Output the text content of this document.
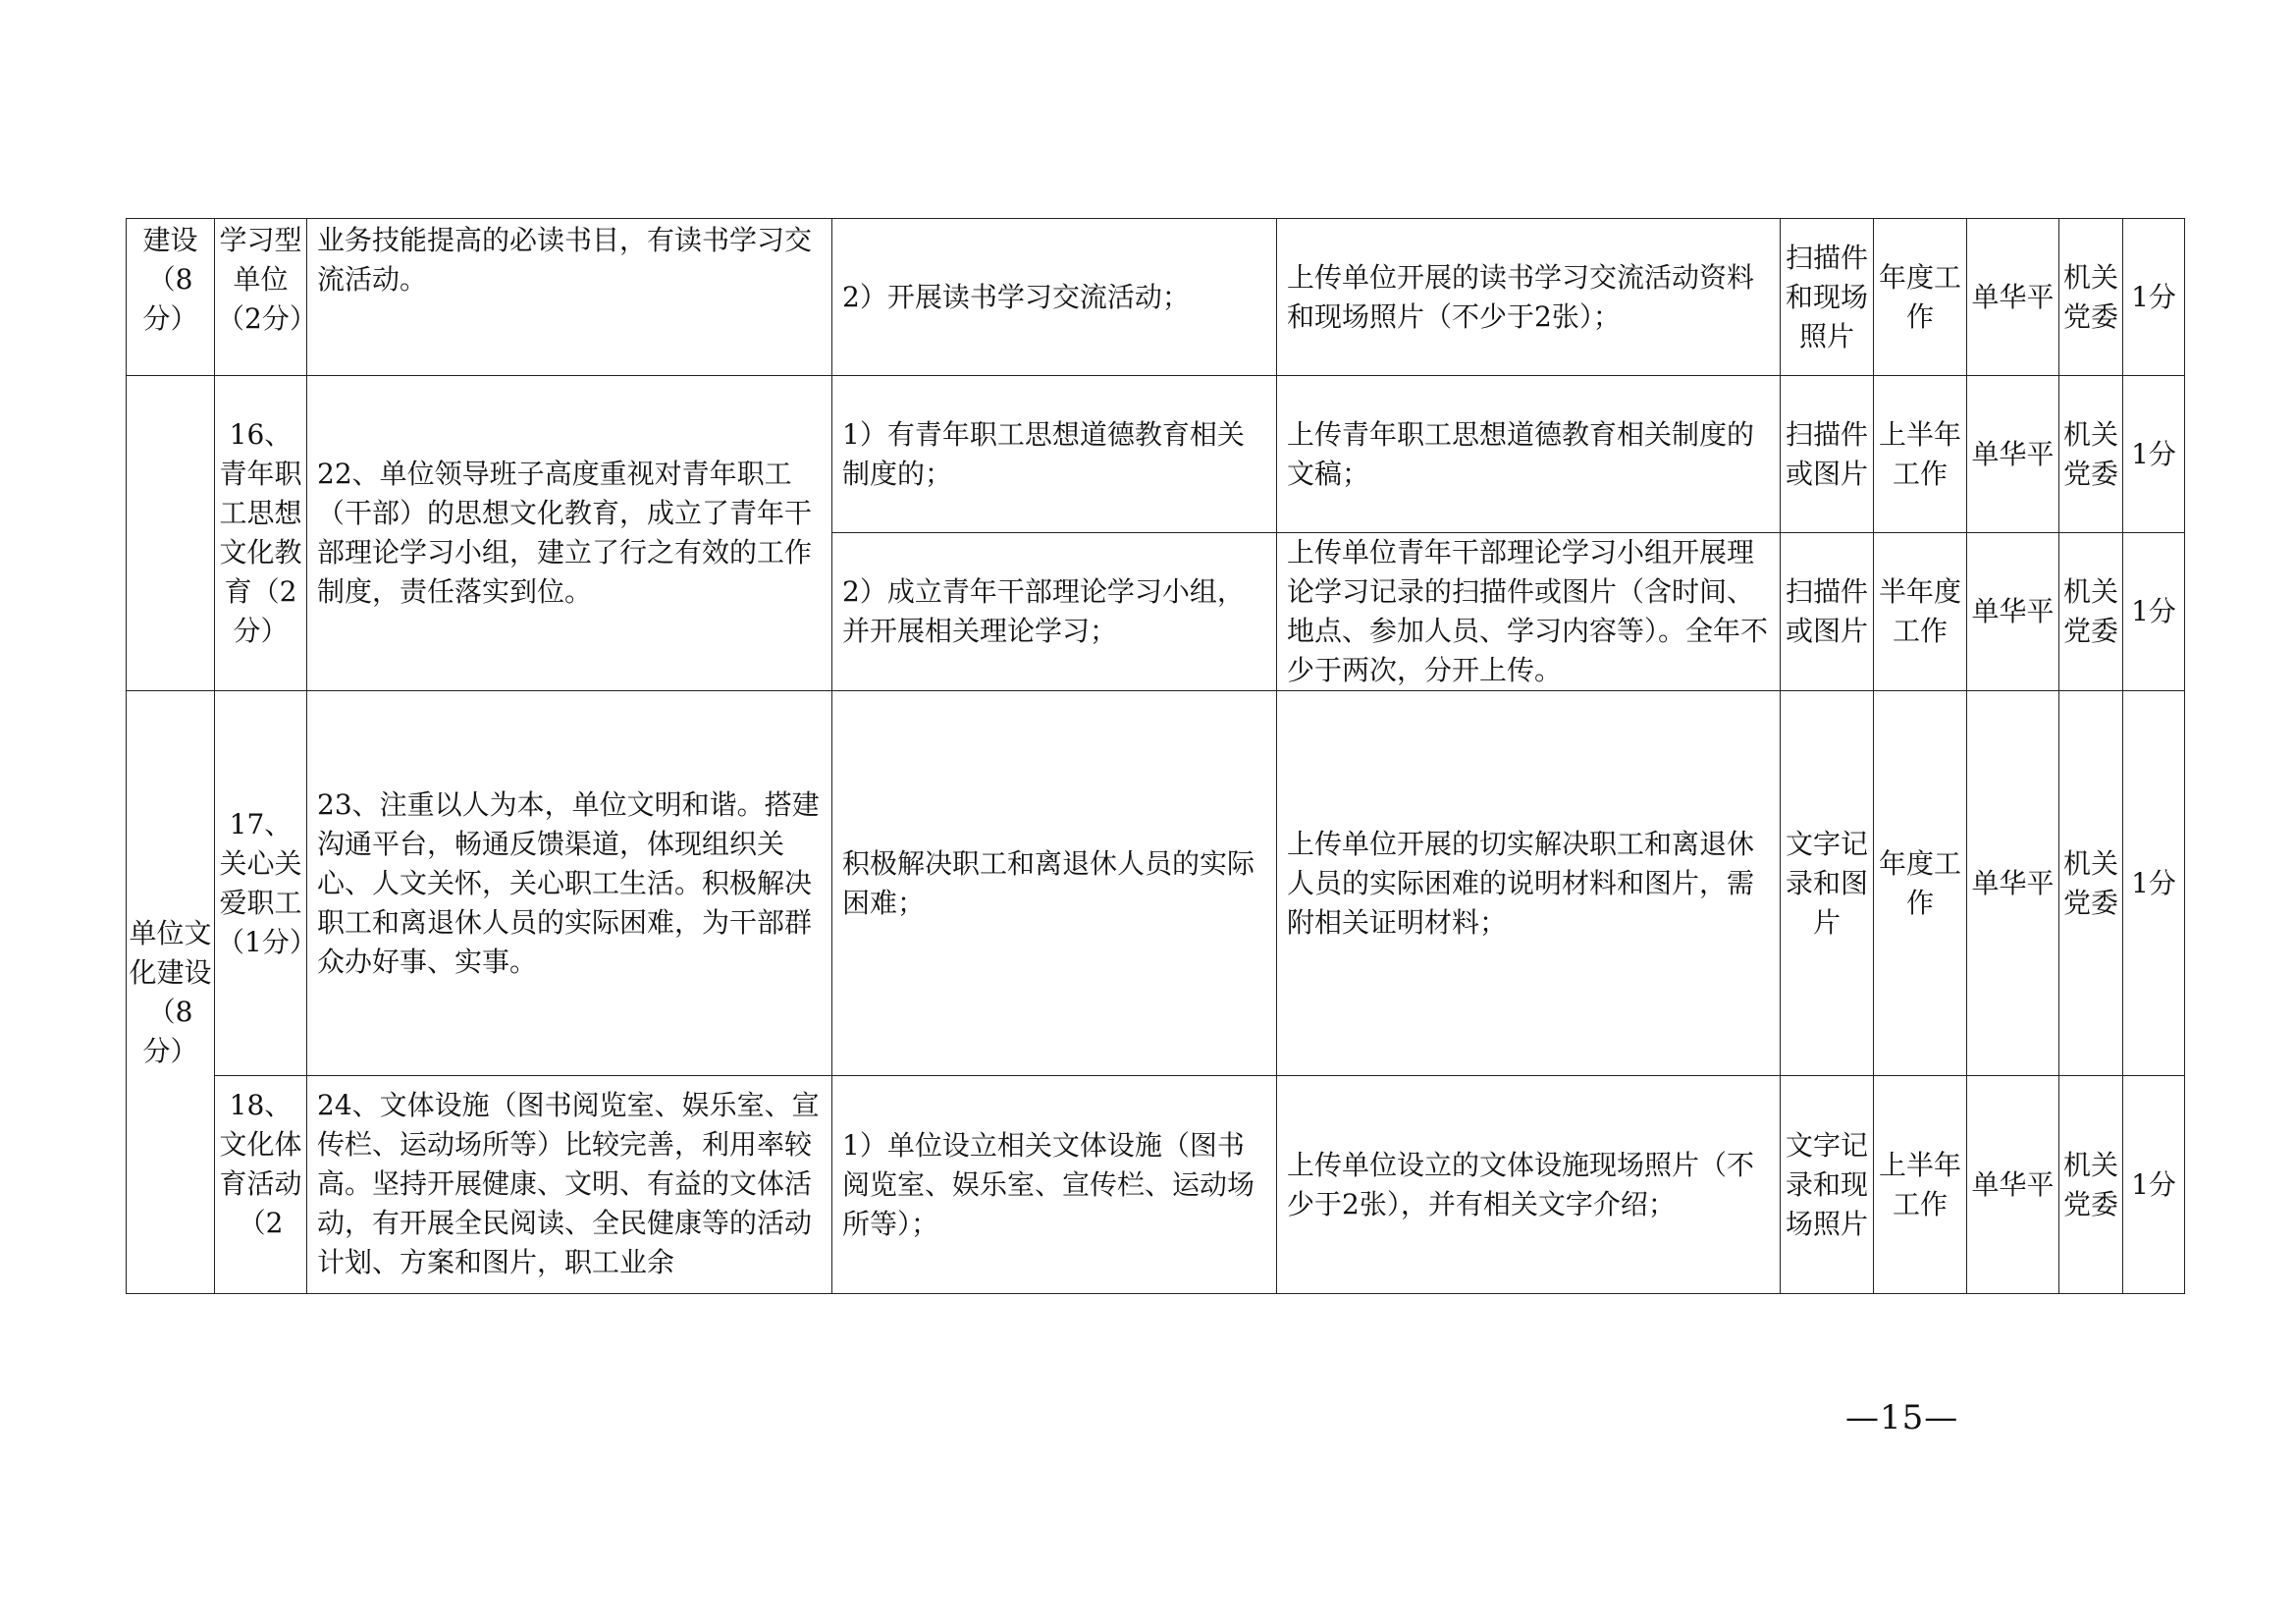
建设（8分）	学习型单位（2分）	业务技能提高的必读书目，有读书学习交流活动。	2）开展读书学习交流活动；	上传单位开展的读书学习交流活动资料和现场照片（不少于2张）；	扫描件和现场照片	年度工作	单华平	机关党委	1分
	16、青年职工思想文化教育（2分）	22、单位领导班子高度重视对青年职工（干部）的思想文化教育，成立了青年干部理论学习小组，建立了行之有效的工作制度，责任落实到位。	1）有青年职工思想道德教育相关制度的；	上传青年职工思想道德教育相关制度的文稿；	扫描件或图片	上半年工作	单华平	机关党委	1分
			2）成立青年干部理论学习小组，并开展相关理论学习；	上传单位青年干部理论学习小组开展理论学习记录的扫描件或图片（含时间、地点、参加人员、学习内容等）。全年不少于两次，分开上传。	扫描件或图片	半年度工作	单华平	机关党委	1分
单位文化建设（8分）	17、关心关爱职工（1分）	23、注重以人为本，单位文明和谐。搭建沟通平台，畅通反馈渠道，体现组织关心、人文关怀，关心职工生活。积极解决职工和离退休人员的实际困难，为干部群众办好事、实事。	积极解决职工和离退休人员的实际困难；	上传单位开展的切实解决职工和离退休人员的实际困难的说明材料和图片，需附相关证明材料；	文字记录和图片	年度工作	单华平	机关党委	1分
	18、文化体育活动（2	24、文体设施（图书阅览室、娱乐室、宣传栏、运动场所等）比较完善，利用率较高。坚持开展健康、文明、有益的文体活动，有开展全民阅读、全民健康等的活动计划、方案和图片，职工业余	1）单位设立相关文体设施（图书阅览室、娱乐室、宣传栏、运动场所等）；	上传单位设立的文体设施现场照片（不少于2张），并有相关文字介绍；	文字记录和现场照片	上半年工作	单华平	机关党委	1分
—15—
